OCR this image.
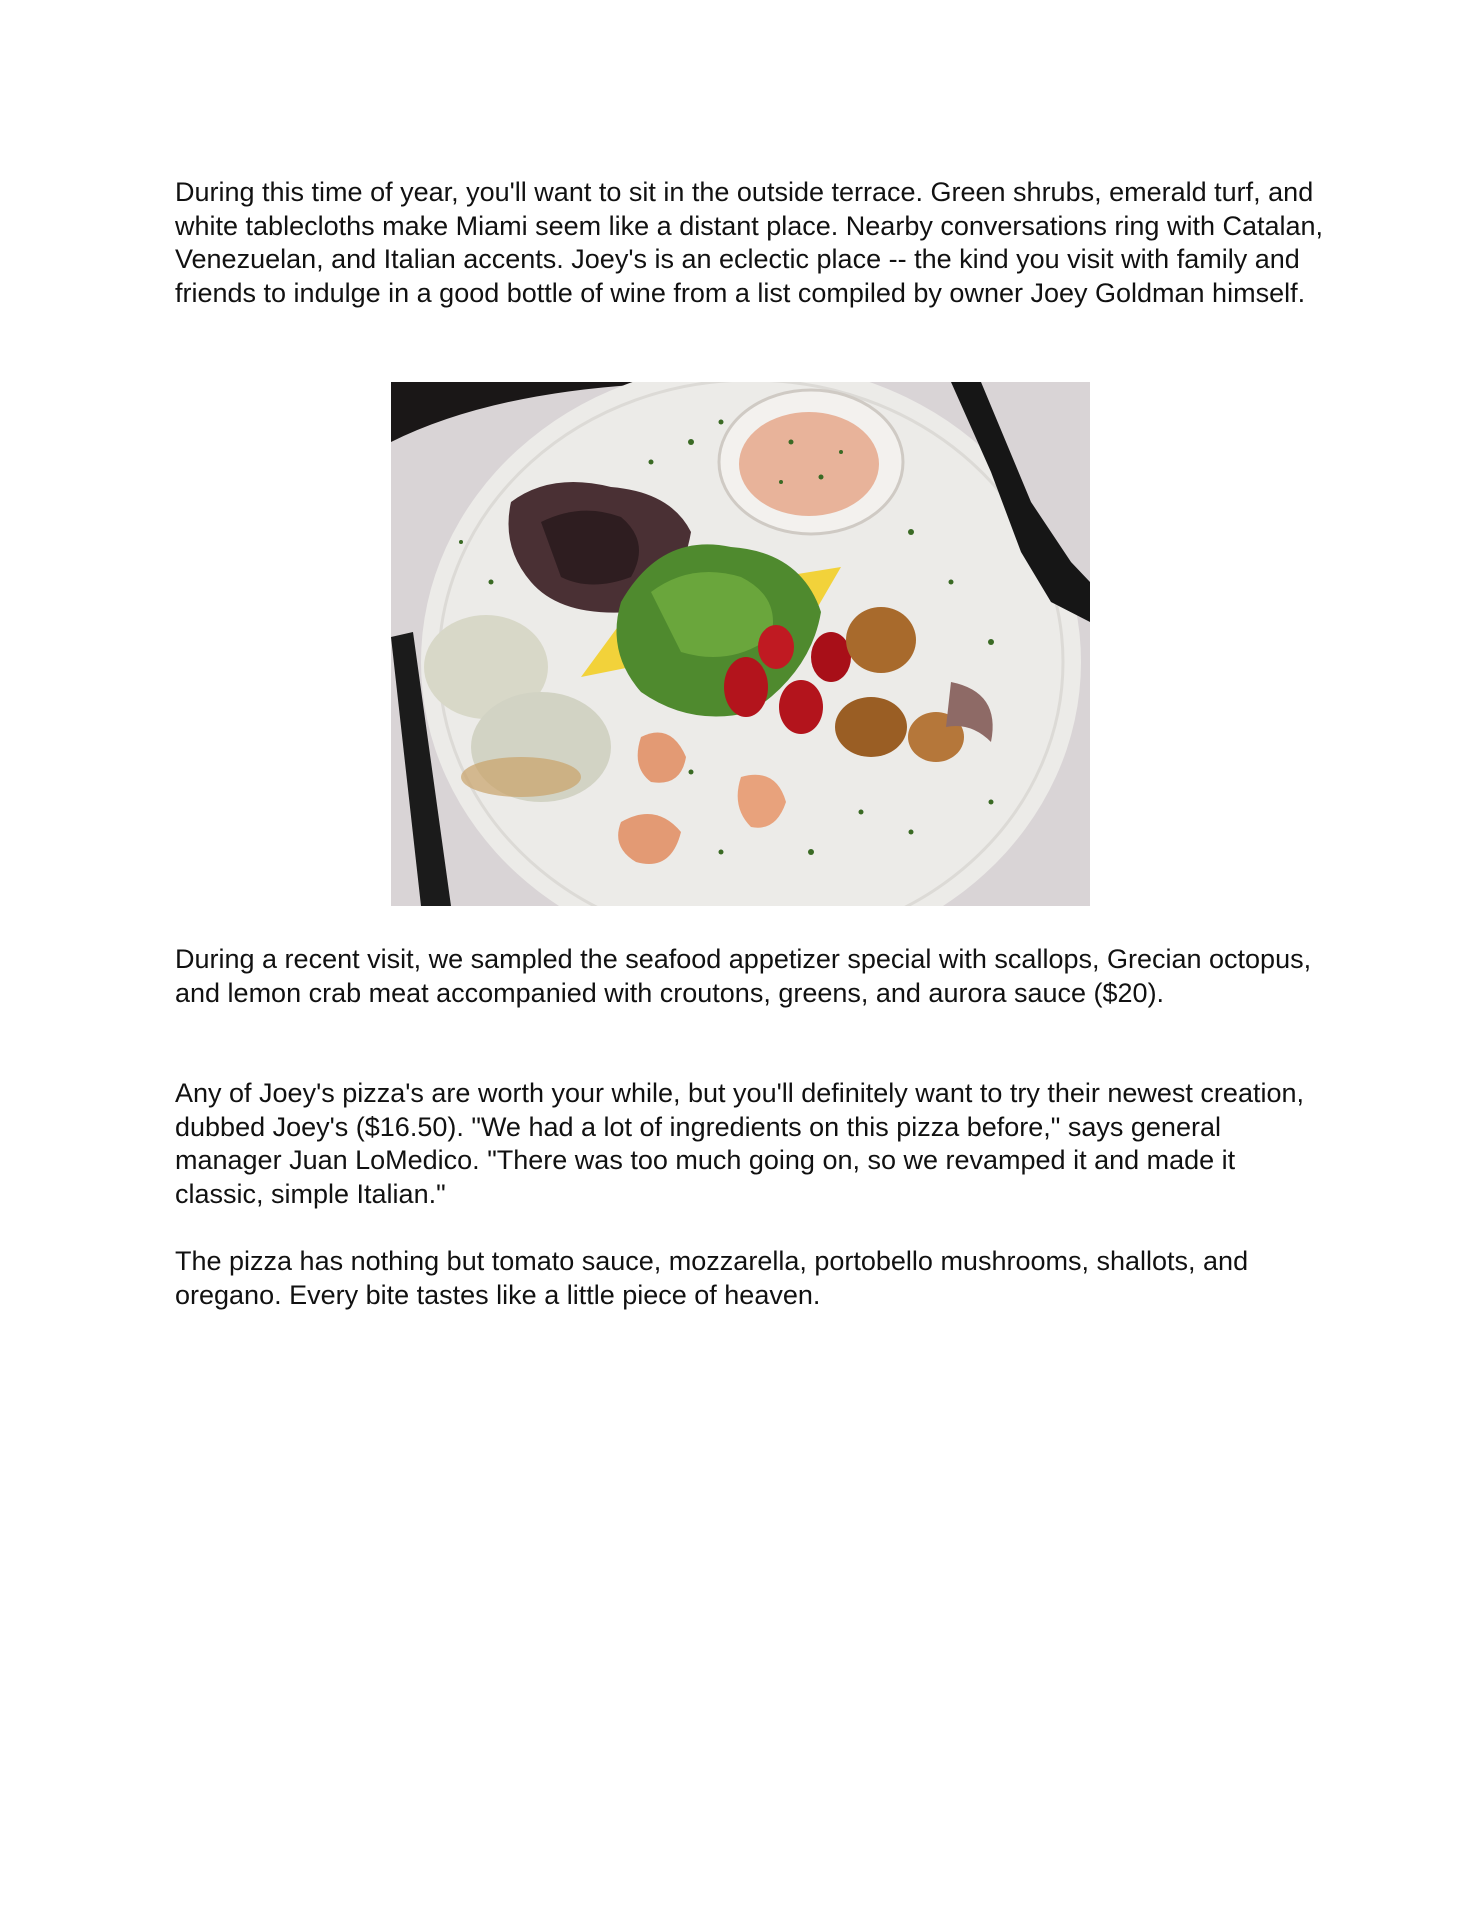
During this time of year, you'll want to sit in the outside terrace. Green shrubs, emerald turf, and white tablecloths make Miami seem like a distant place. Nearby conversations ring with Catalan, Venezuelan, and Italian accents. Joey's is an eclectic place -- the kind you visit with family and friends to indulge in a good bottle of wine from a list compiled by owner Joey Goldman himself.

During a recent visit, we sampled the seafood appetizer special with scallops, Grecian octopus, and lemon crab meat accompanied with croutons, greens, and aurora sauce ($20).

Any of Joey's pizza's are worth your while, but you'll definitely want to try their newest creation, dubbed Joey's ($16.50). "We had a lot of ingredients on this pizza before," says general manager Juan LoMedico. "There was too much going on, so we revamped it and made it classic, simple Italian."

The pizza has nothing but tomato sauce, mozzarella, portobello mushrooms, shallots, and oregano. Every bite tastes like a little piece of heaven.
